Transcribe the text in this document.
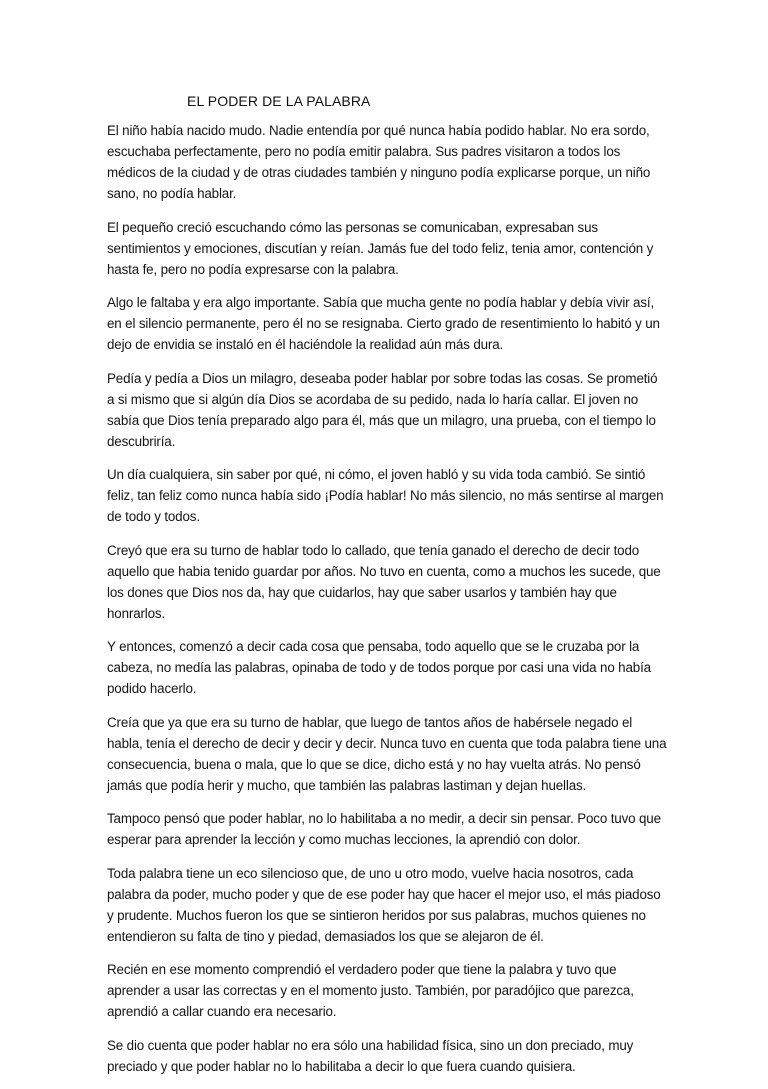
EL PODER DE LA PALABRA

El niño había nacido mudo. Nadie entendía por qué nunca había podido hablar. No era sordo, escuchaba perfectamente, pero no podía emitir palabra. Sus padres visitaron a todos los médicos de la ciudad y de otras ciudades también y ninguno podía explicarse porque, un niño sano, no podía hablar.

El pequeño creció escuchando cómo las personas se comunicaban, expresaban sus sentimientos y emociones, discutían y reían. Jamás fue del todo feliz, tenia amor, contención y hasta fe, pero no podía expresarse con la palabra.

Algo le faltaba y era algo importante. Sabía que mucha gente no podía hablar y debía vivir así, en el silencio permanente, pero él no se resignaba. Cierto grado de resentimiento lo habitó y un dejo de envidia se instaló en él haciéndole la realidad aún más dura.

Pedía y pedía a Dios un milagro, deseaba poder hablar por sobre todas las cosas. Se prometió a si mismo que si algún día Dios se acordaba de su pedido, nada lo haría callar. El joven no sabía que Dios tenía preparado algo para él, más que un milagro, una prueba, con el tiempo lo descubriría.

Un día cualquiera, sin saber por qué, ni cómo, el joven habló y su vida toda cambió. Se sintió feliz, tan feliz como nunca había sido ¡Podía hablar! No más silencio, no más sentirse al margen de todo y todos.

Creyó que era su turno de hablar todo lo callado, que tenía ganado el derecho de decir todo aquello que habia tenido guardar por años. No tuvo en cuenta, como a muchos les sucede, que los dones que Dios nos da, hay que cuidarlos, hay que saber usarlos y también hay que honrarlos.

Y entonces, comenzó a decir cada cosa que pensaba, todo aquello que se le cruzaba por la cabeza, no medía las palabras, opinaba de todo y de todos porque por casi una vida no había podido hacerlo.

Creía que ya que era su turno de hablar, que luego de tantos años de habérsele negado el habla, tenía el derecho de decir y decir y decir. Nunca tuvo en cuenta que toda palabra tiene una consecuencia, buena o mala, que lo que se dice, dicho está y no hay vuelta atrás. No pensó jamás que podía herir y mucho, que también las palabras lastiman y dejan huellas.

Tampoco pensó que poder hablar, no lo habilitaba a no medir, a decir sin pensar. Poco tuvo que esperar para aprender la lección y como muchas lecciones, la aprendió con dolor.

Toda palabra tiene un eco silencioso que, de uno u otro modo, vuelve hacia nosotros, cada palabra da poder, mucho poder y que de ese poder hay que hacer el mejor uso, el más piadoso y prudente. Muchos fueron los que se sintieron heridos por sus palabras, muchos quienes no entendieron su falta de tino y piedad, demasiados los que se alejaron de él.

Recién en ese momento comprendió el verdadero poder que tiene la palabra y tuvo que aprender a usar las correctas y en el momento justo. También, por paradójico que parezca, aprendió a callar cuando era necesario.

Se dio cuenta que poder hablar no era sólo una habilidad física, sino un don preciado, muy preciado y que poder hablar no lo habilitaba a decir lo que fuera cuando quisiera.
